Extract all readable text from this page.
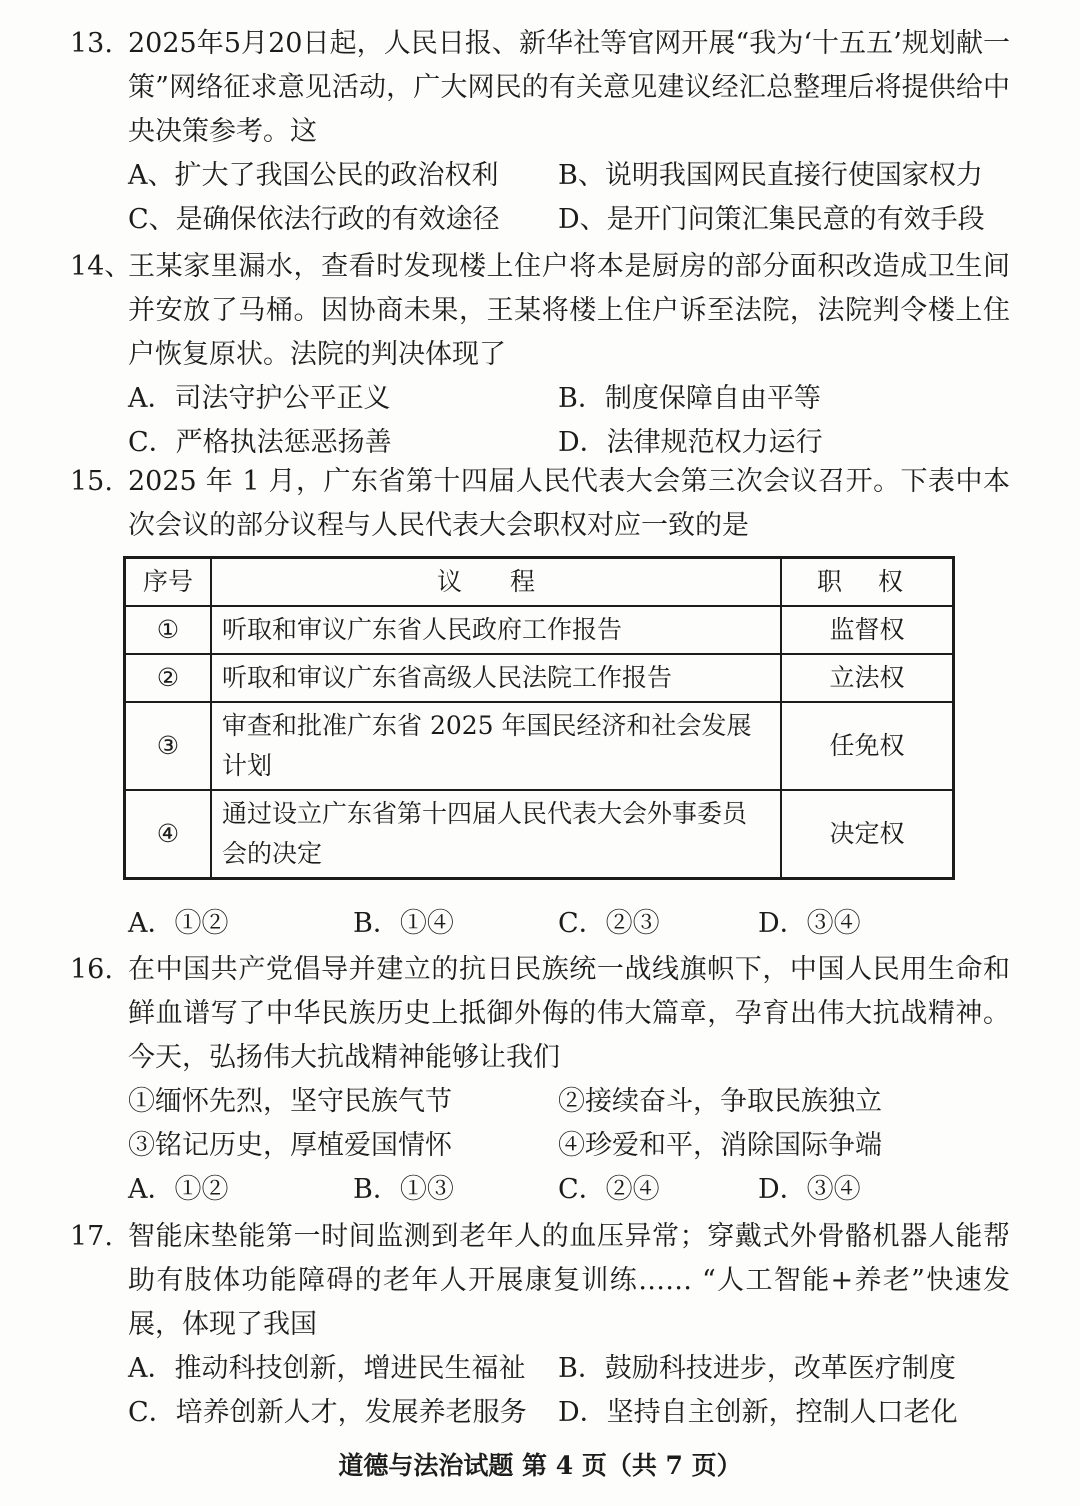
13. 2025年5月20日起，人民日报、新华社等官网开展“我为‘十五五’规划献一策”网络征求意见活动，广大网民的有关意见建议经汇总整理后将提供给中央决策参考。这
A、扩大了我国公民的政治权利	B、说明我国网民直接行使国家权力
C、是确保依法行政的有效途径	D、是开门问策汇集民意的有效手段
14、
王某家里漏水，查看时发现楼上住户将本是厨房的部分面积改造成卫生间并安放了马桶。因协商未果，王某将楼上住户诉至法院，法院判令楼上住户恢复原状。法院的判决体现了
A．司法守护公平正义	B．制度保障自由平等
C．严格执法惩恶扬善	D．法律规范权力运行
15. 2025 年 1 月，广东省第十四届人民代表大会第三次会议召开。下表中本次会议的部分议程与人民代表大会职权对应一致的是
序号	议 程	职 权
①	听取和审议广东省人民政府工作报告	监督权
②	听取和审议广东省高级人民法院工作报告	立法权
③	审查和批准广东省 2025 年国民经济和社会发展计划	任免权
④	通过设立广东省第十四届人民代表大会外事委员会的决定	决定权
A．①②	B．①④	C．②③	D．③④
16. 在中国共产党倡导并建立的抗日民族统一战线旗帜下，中国人民用生命和鲜血谱写了中华民族历史上抵御外侮的伟大篇章，孕育出伟大抗战精神。今天，弘扬伟大抗战精神能够让我们
①缅怀先烈，坚守民族气节	②接续奋斗，争取民族独立
③铭记历史，厚植爱国情怀	④珍爱和平，消除国际争端
A．①②	B．①③	C．②④	D．③④
17. 智能床垫能第一时间监测到老年人的血压异常；穿戴式外骨骼机器人能帮助有肢体功能障碍的老年人开展康复训练…… “人工智能+养老”快速发展，体现了我国
A．推动科技创新，增进民生福祉	B．鼓励科技进步，改革医疗制度
C．培养创新人才，发展养老服务	D．坚持自主创新，控制人口老化
道德与法治试题 第 4 页（共 7 页）
